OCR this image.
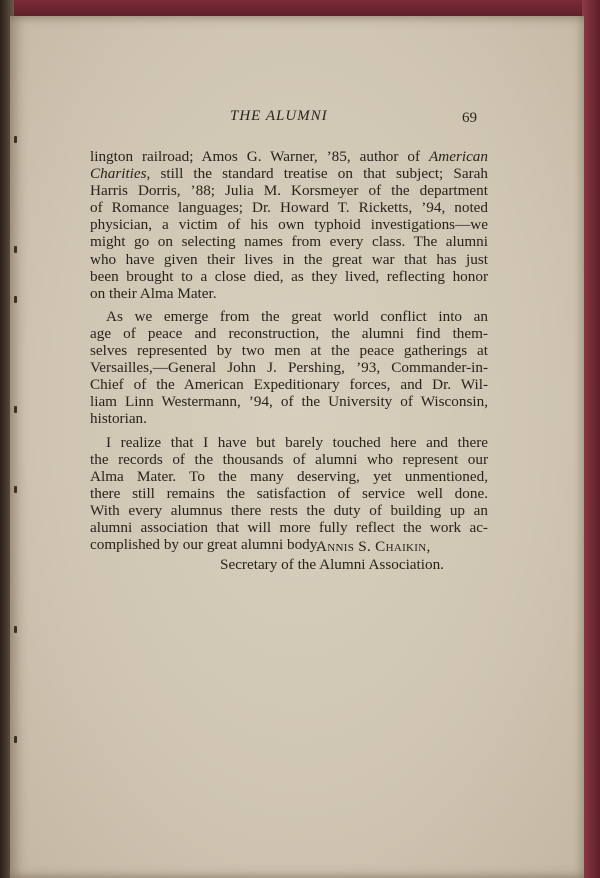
THE ALUMNI	69
lington railroad; Amos G. Warner, ’85, author of American
Charities, still the standard treatise on that subject; Sarah
Harris Dorris, ’88; Julia M. Korsmeyer of the department
of Romance languages; Dr. Howard T. Ricketts, ’94, noted
physician, a victim of his own typhoid investigations—we
might go on selecting names from every class. The alumni
who have given their lives in the great war that has just
been brought to a close died, as they lived, reflecting honor
on their Alma Mater.
As we emerge from the great world conflict into an
age of peace and reconstruction, the alumni find them-
selves represented by two men at the peace gatherings at
Versailles,—General John J. Pershing, ’93, Commander-in-
Chief of the American Expeditionary forces, and Dr. Wil-
liam Linn Westermann, ’94, of the University of Wisconsin,
historian.
I realize that I have but barely touched here and there
the records of the thousands of alumni who represent our
Alma Mater. To the many deserving, yet unmentioned,
there still remains the satisfaction of service well done.
With every alumnus there rests the duty of building up an
alumni association that will more fully reflect the work ac-
complished by our great alumni body.
Annis S. Chaikin,
Secretary of the Alumni Association.
